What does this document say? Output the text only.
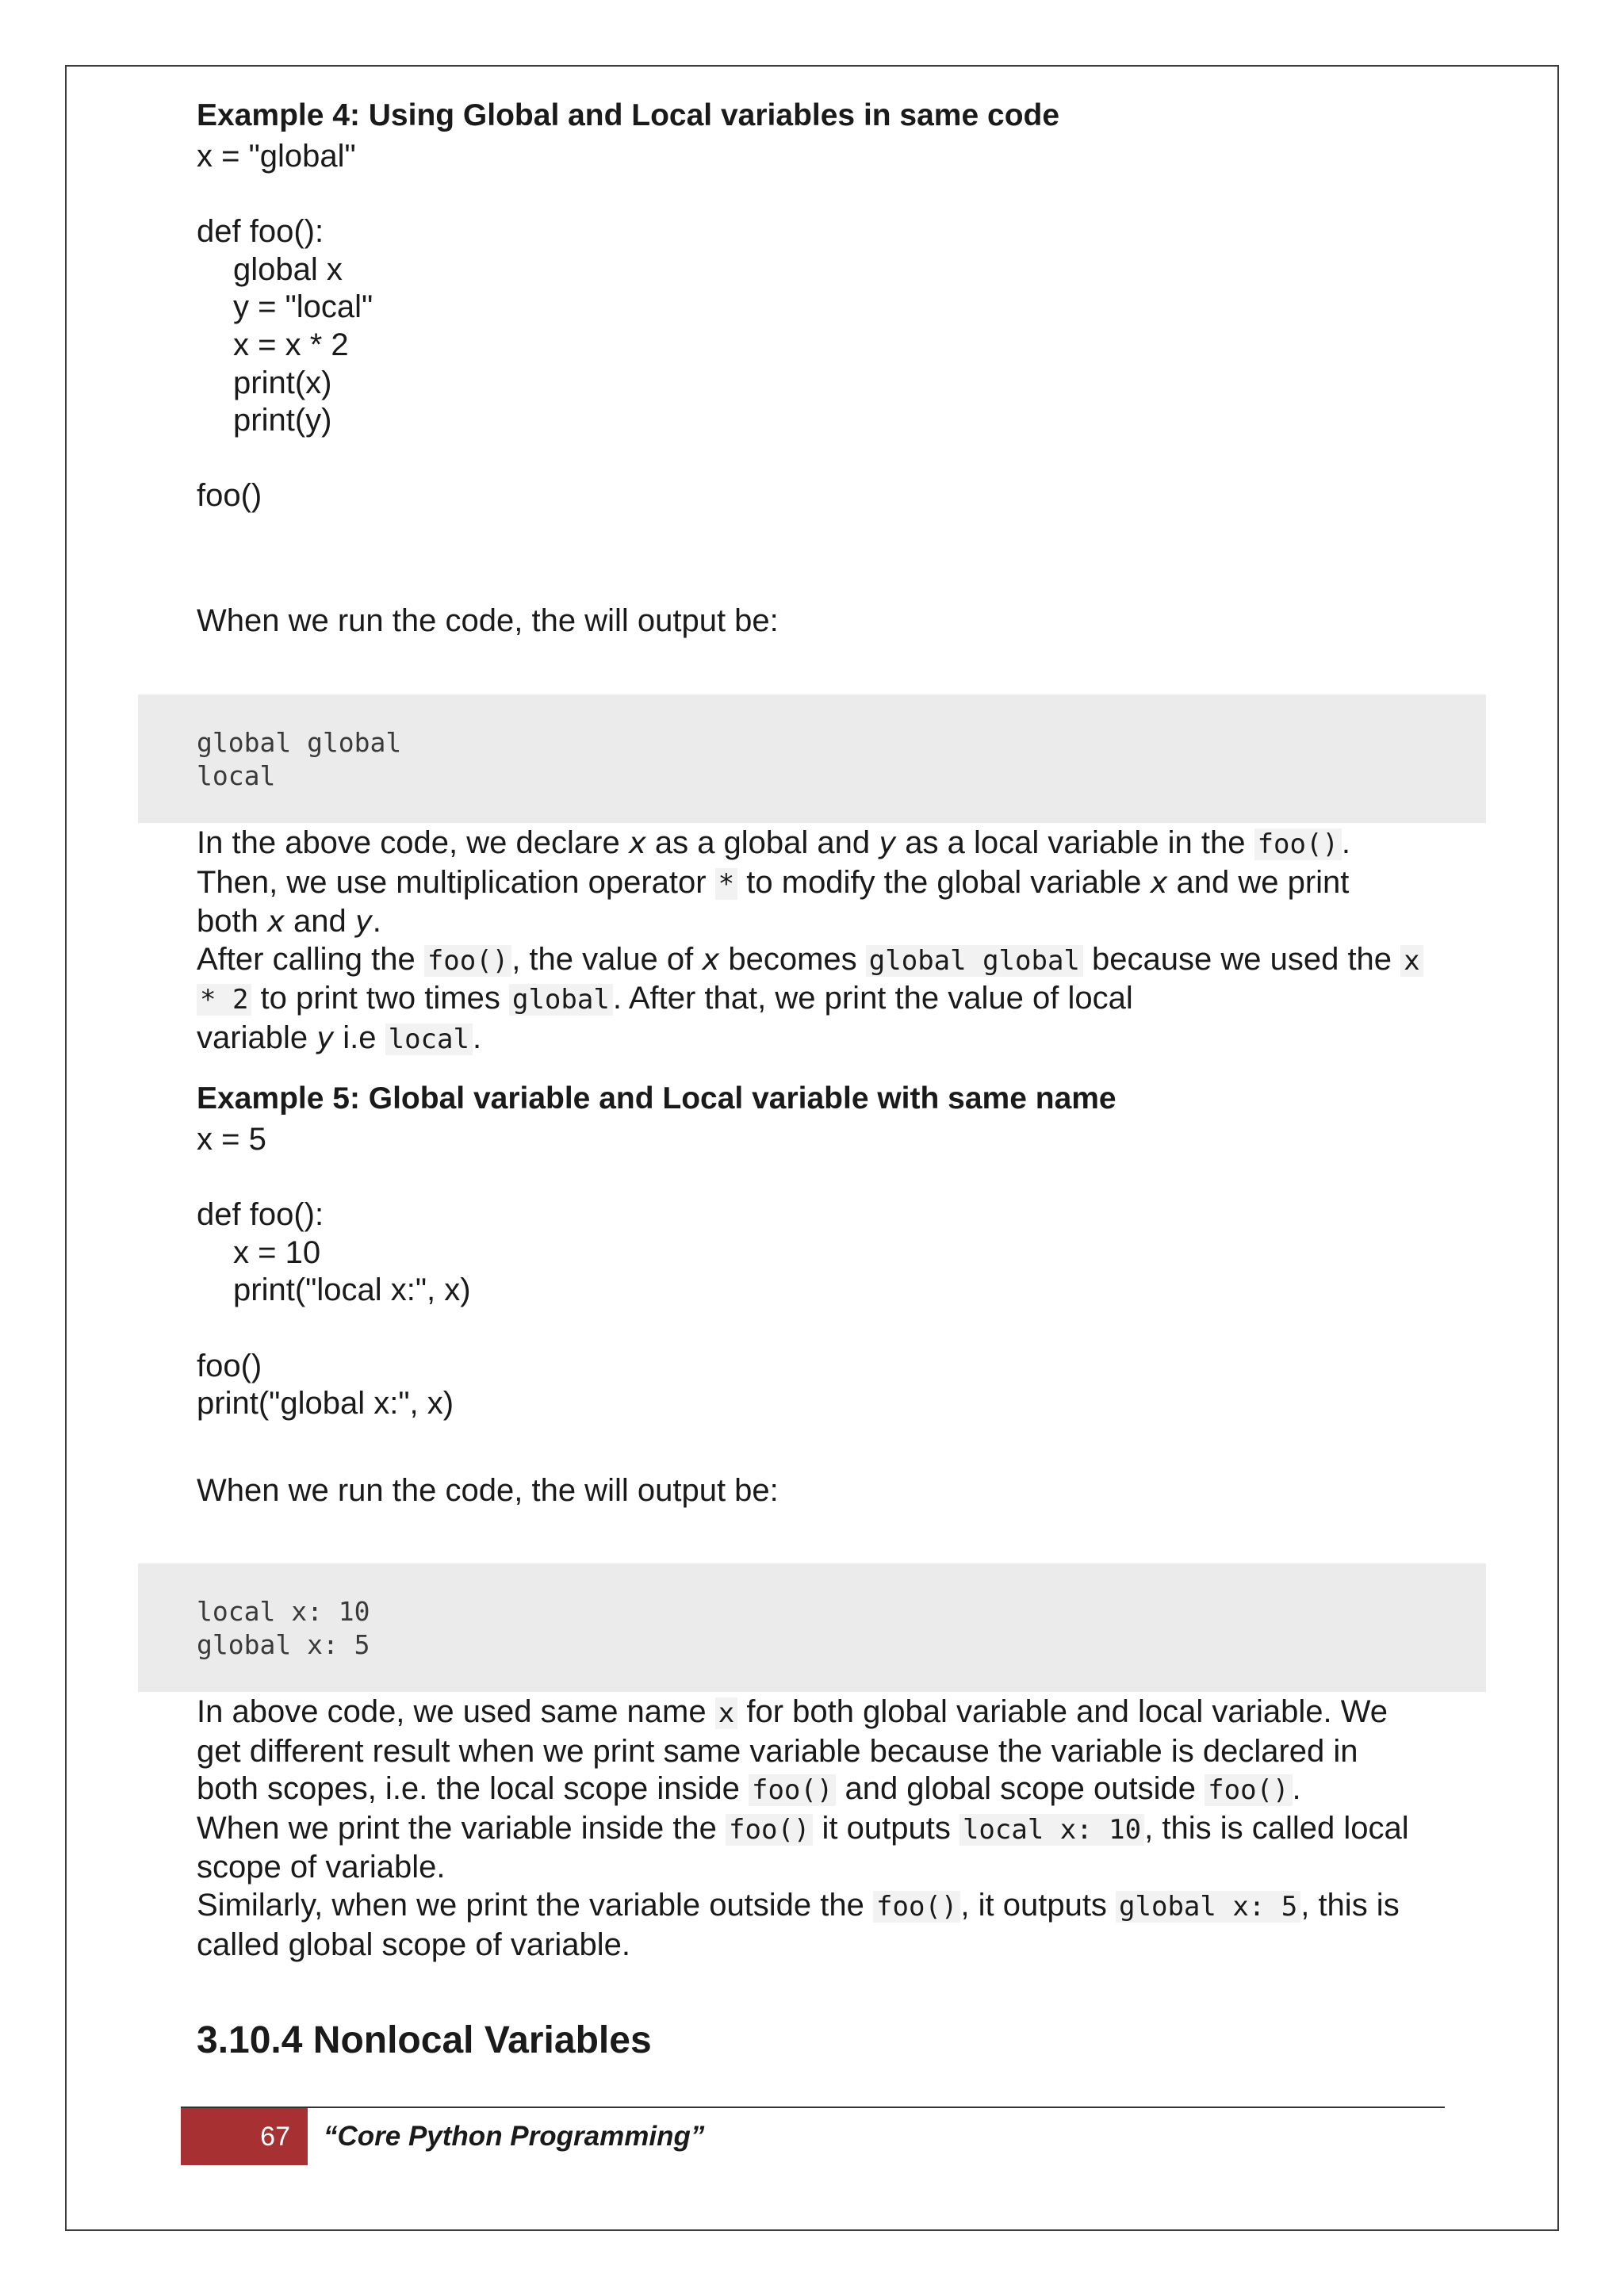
Example 4: Using Global and Local variables in same code

x = "global"

def foo():

global x

y = "local"

x = x * 2

print(x)

print(y)

foo()

When we run the code, the will output be:

global global

local

In the above code, we declare x as a global and y as a local variable in the foo() .

Then, we use multiplication operator * to modify the global variable x and we print

both x and y.

After calling the foo() , the value of x becomes global global because we used the x

* 2 to print two times global . After that, we print the value of local

variable y i.e local .

Example 5: Global variable and Local variable with same name

x = 5

def foo():

x = 10

print("local x:", x)

foo()

print("global x:", x)

When we run the code, the will output be:

local x: 10

global x: 5

In above code, we used same name x for both global variable and local variable. We

get different result when we print same variable because the variable is declared in

both scopes, i.e. the local scope inside foo() and global scope outside foo() .

When we print the variable inside the foo() it outputs local x: 10 , this is called local

scope of variable.

Similarly, when we print the variable outside the foo() , it outputs global x: 5 , this is

called global scope of variable.

3.10.4 Nonlocal Variables

67	“Core Python Programming”
